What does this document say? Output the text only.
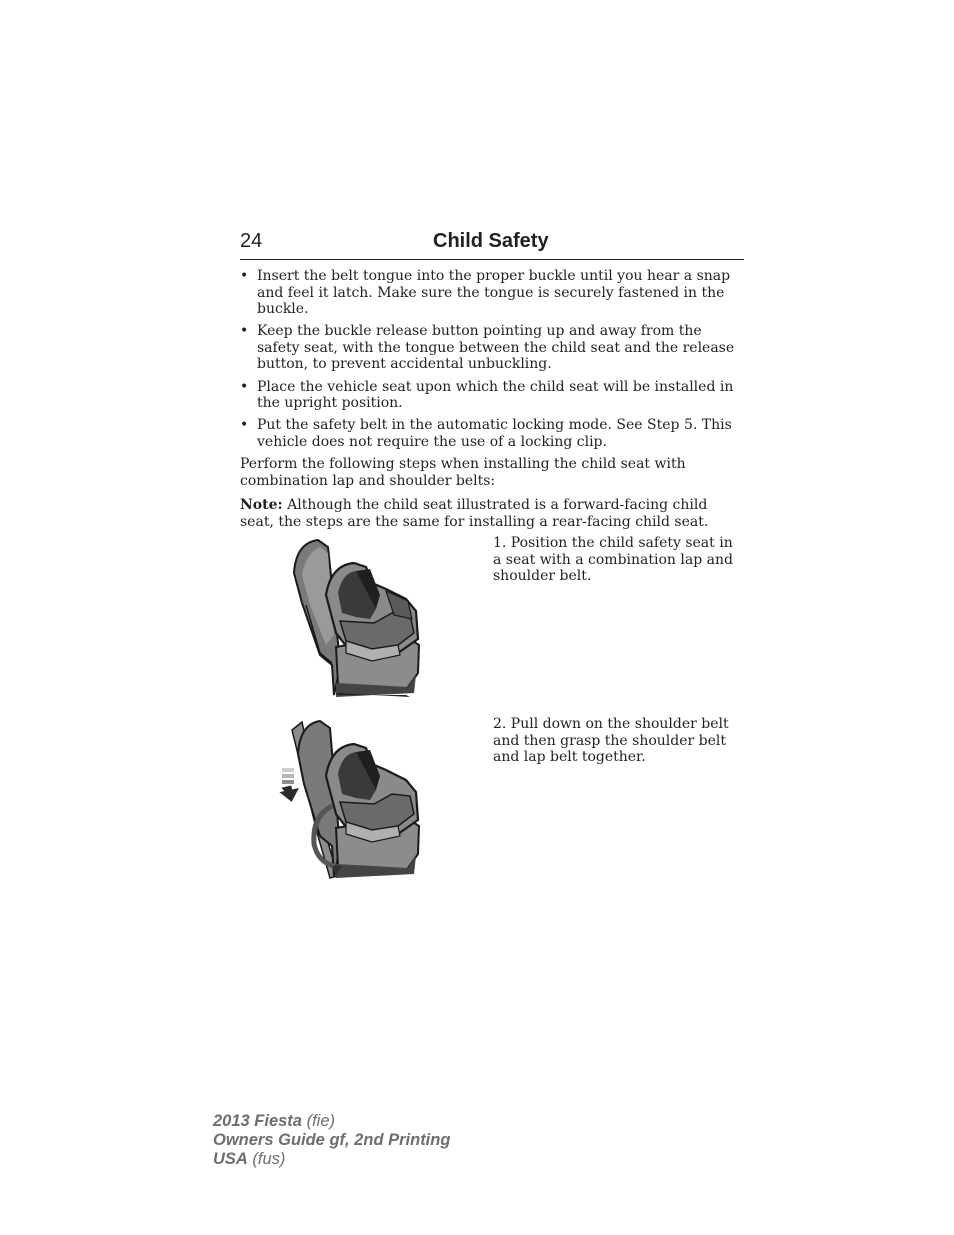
24	Child Safety
• Insert the belt tongue into the proper buckle until you hear a snap and feel it latch. Make sure the tongue is securely fastened in the buckle.
• Keep the buckle release button pointing up and away from the safety seat, with the tongue between the child seat and the release button, to prevent accidental unbuckling.
• Place the vehicle seat upon which the child seat will be installed in the upright position.
• Put the safety belt in the automatic locking mode. See Step 5. This vehicle does not require the use of a locking clip.

Perform the following steps when installing the child seat with combination lap and shoulder belts:

Note: Although the child seat illustrated is a forward-facing child seat, the steps are the same for installing a rear-facing child seat.

1. Position the child safety seat in a seat with a combination lap and shoulder belt.

2. Pull down on the shoulder belt and then grasp the shoulder belt and lap belt together.

2013 Fiesta (fie)
Owners Guide gf, 2nd Printing
USA (fus)
